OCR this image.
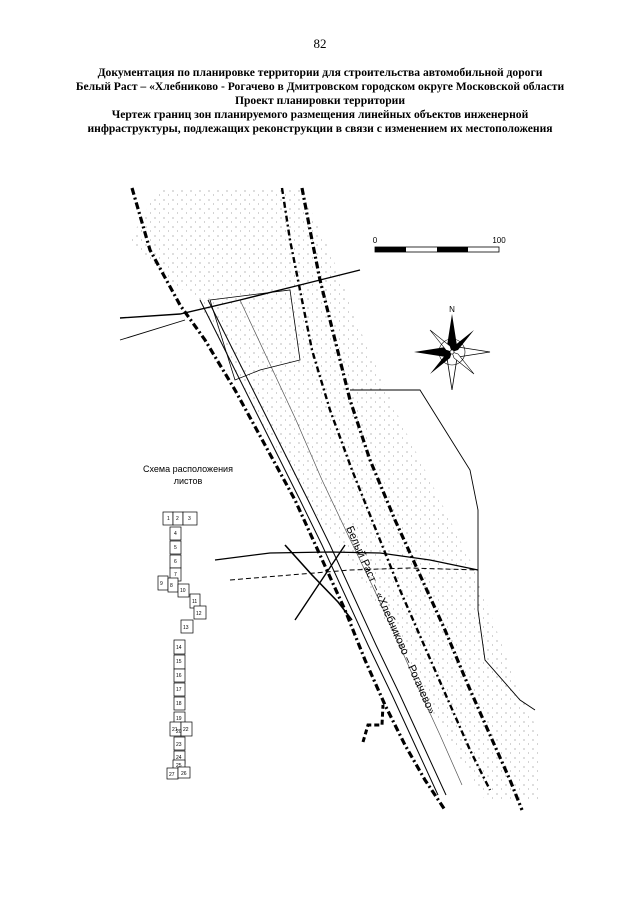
82
Документация по планировке территории для строительства автомобильной дороги
Белый Раст – «Хлебниково - Рогачево в Дмитровском городском округе Московской области
Проект планировки территории
Чертеж границ зон планируемого размещения линейных объектов инженерной
инфраструктуры, подлежащих реконструкции в связи с изменением их местоположения
0	100
N
Белый Раст – «Хлебниково – Рогачево»
1 2 3
4
5
6
7
8
9
10
11
12
13
14
15
16
17
18
19
20
21 22
23
24
25
26
27
Схема расположения
листов
